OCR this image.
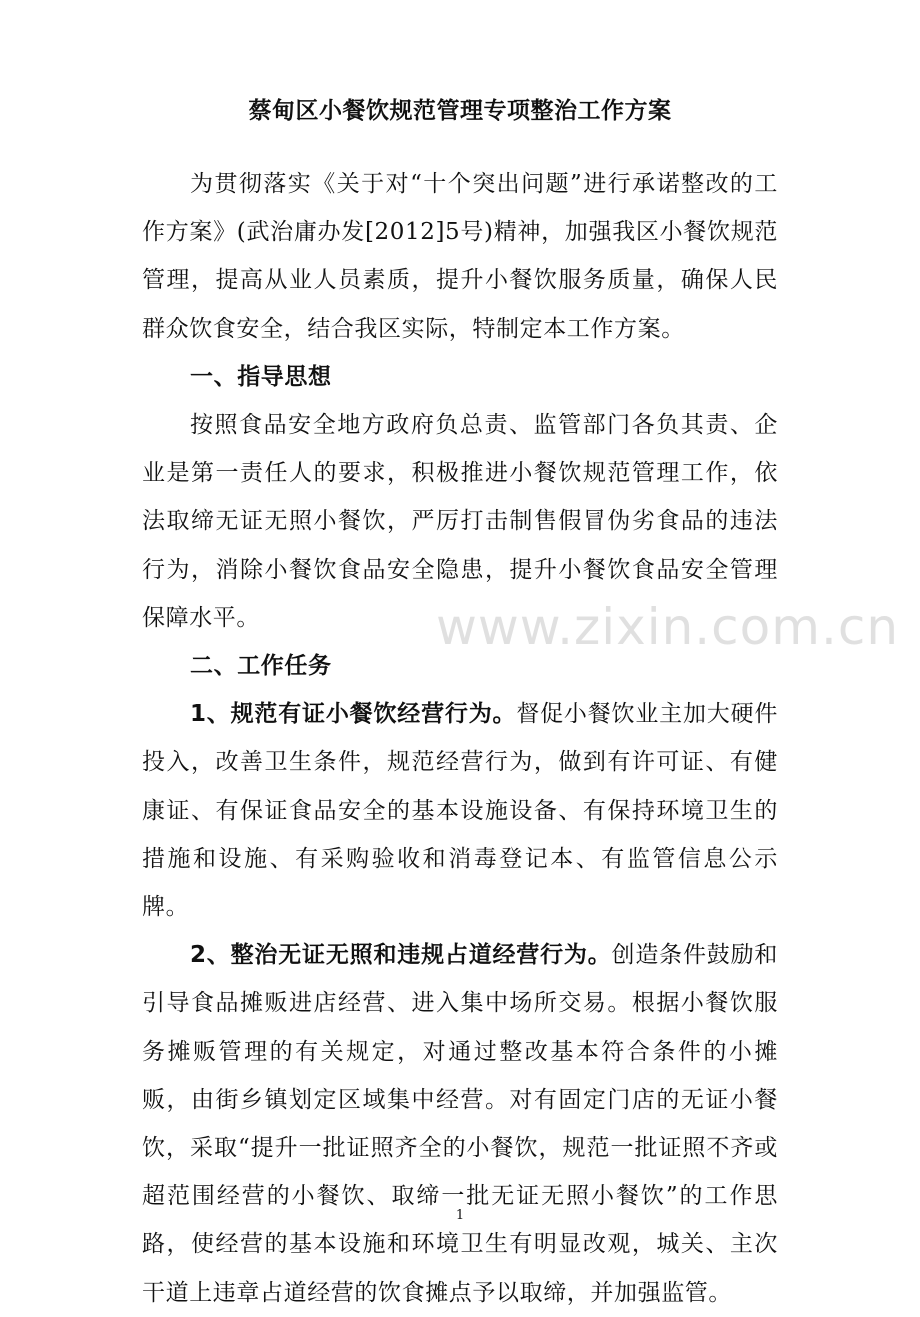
蔡甸区小餐饮规范管理专项整治工作方案

为贯彻落实《关于对“十个突出问题”进行承诺整改的工作方案》(武治庸办发[2012]5号)精神，加强我区小餐饮规范管理，提高从业人员素质，提升小餐饮服务质量，确保人民群众饮食安全，结合我区实际，特制定本工作方案。

一、指导思想

按照食品安全地方政府负总责、监管部门各负其责、企业是第一责任人的要求，积极推进小餐饮规范管理工作，依法取缔无证无照小餐饮，严厉打击制售假冒伪劣食品的违法行为，消除小餐饮食品安全隐患，提升小餐饮食品安全管理保障水平。

二、工作任务

1、规范有证小餐饮经营行为。督促小餐饮业主加大硬件投入，改善卫生条件，规范经营行为，做到有许可证、有健康证、有保证食品安全的基本设施设备、有保持环境卫生的措施和设施、有采购验收和消毒登记本、有监管信息公示牌。

2、整治无证无照和违规占道经营行为。创造条件鼓励和引导食品摊贩进店经营、进入集中场所交易。根据小餐饮服务摊贩管理的有关规定，对通过整改基本符合条件的小摊贩，由街乡镇划定区域集中经营。对有固定门店的无证小餐饮，采取“提升一批证照齐全的小餐饮，规范一批证照不齐或超范围经营的小餐饮、取缔一批无证无照小餐饮”的工作思路，使经营的基本设施和环境卫生有明显改观，城关、主次干道上违章占道经营的饮食摊点予以取缔，并加强监管。

www.zixin.com.cn
1
